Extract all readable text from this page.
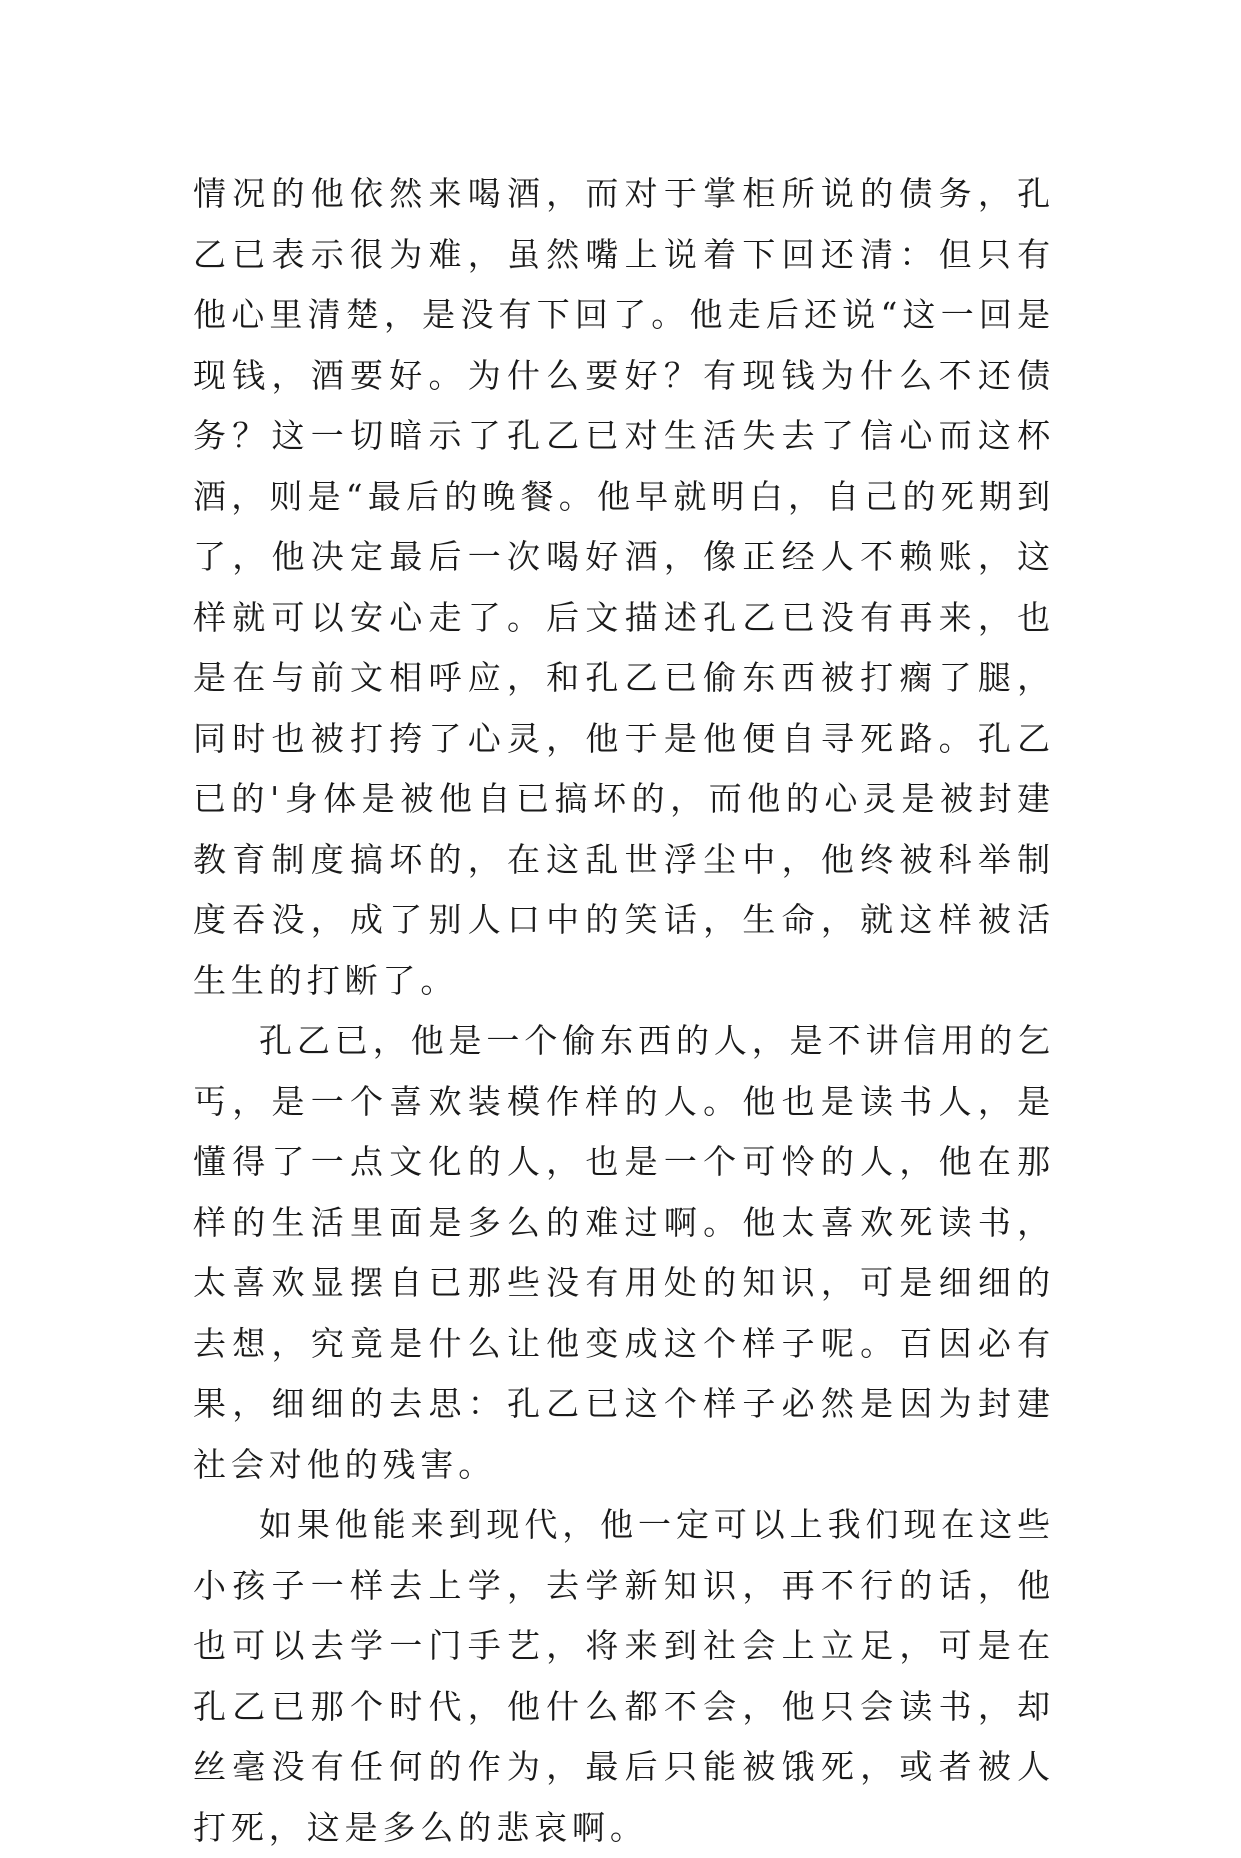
情况的他依然来喝酒，而对于掌柜所说的债务，孔乙已表示很为难，虽然嘴上说着下回还清：但只有他心里清楚，是没有下回了。他走后还说“这一回是现钱，酒要好。为什么要好？有现钱为什么不还债务？这一切暗示了孔乙已对生活失去了信心而这杯酒，则是“最后的晚餐。他早就明白，自己的死期到了，他决定最后一次喝好酒，像正经人不赖账，这样就可以安心走了。后文描述孔乙已没有再来，也是在与前文相呼应，和孔乙已偷东西被打瘸了腿，同时也被打挎了心灵，他于是他便自寻死路。孔乙已的'身体是被他自已搞坏的，而他的心灵是被封建教育制度搞坏的，在这乱世浮尘中，他终被科举制度吞没，成了别人口中的笑话，生命，就这样被活生生的打断了。

孔乙已，他是一个偷东西的人，是不讲信用的乞丐，是一个喜欢装模作样的人。他也是读书人，是懂得了一点文化的人，也是一个可怜的人，他在那样的生活里面是多么的难过啊。他太喜欢死读书，太喜欢显摆自已那些没有用处的知识，可是细细的去想，究竟是什么让他变成这个样子呢。百因必有果，细细的去思：孔乙已这个样子必然是因为封建社会对他的残害。

如果他能来到现代，他一定可以上我们现在这些小孩子一样去上学，去学新知识，再不行的话，他也可以去学一门手艺，将来到社会上立足，可是在孔乙已那个时代，他什么都不会，他只会读书，却丝毫没有任何的作为，最后只能被饿死，或者被人打死，这是多么的悲哀啊。
